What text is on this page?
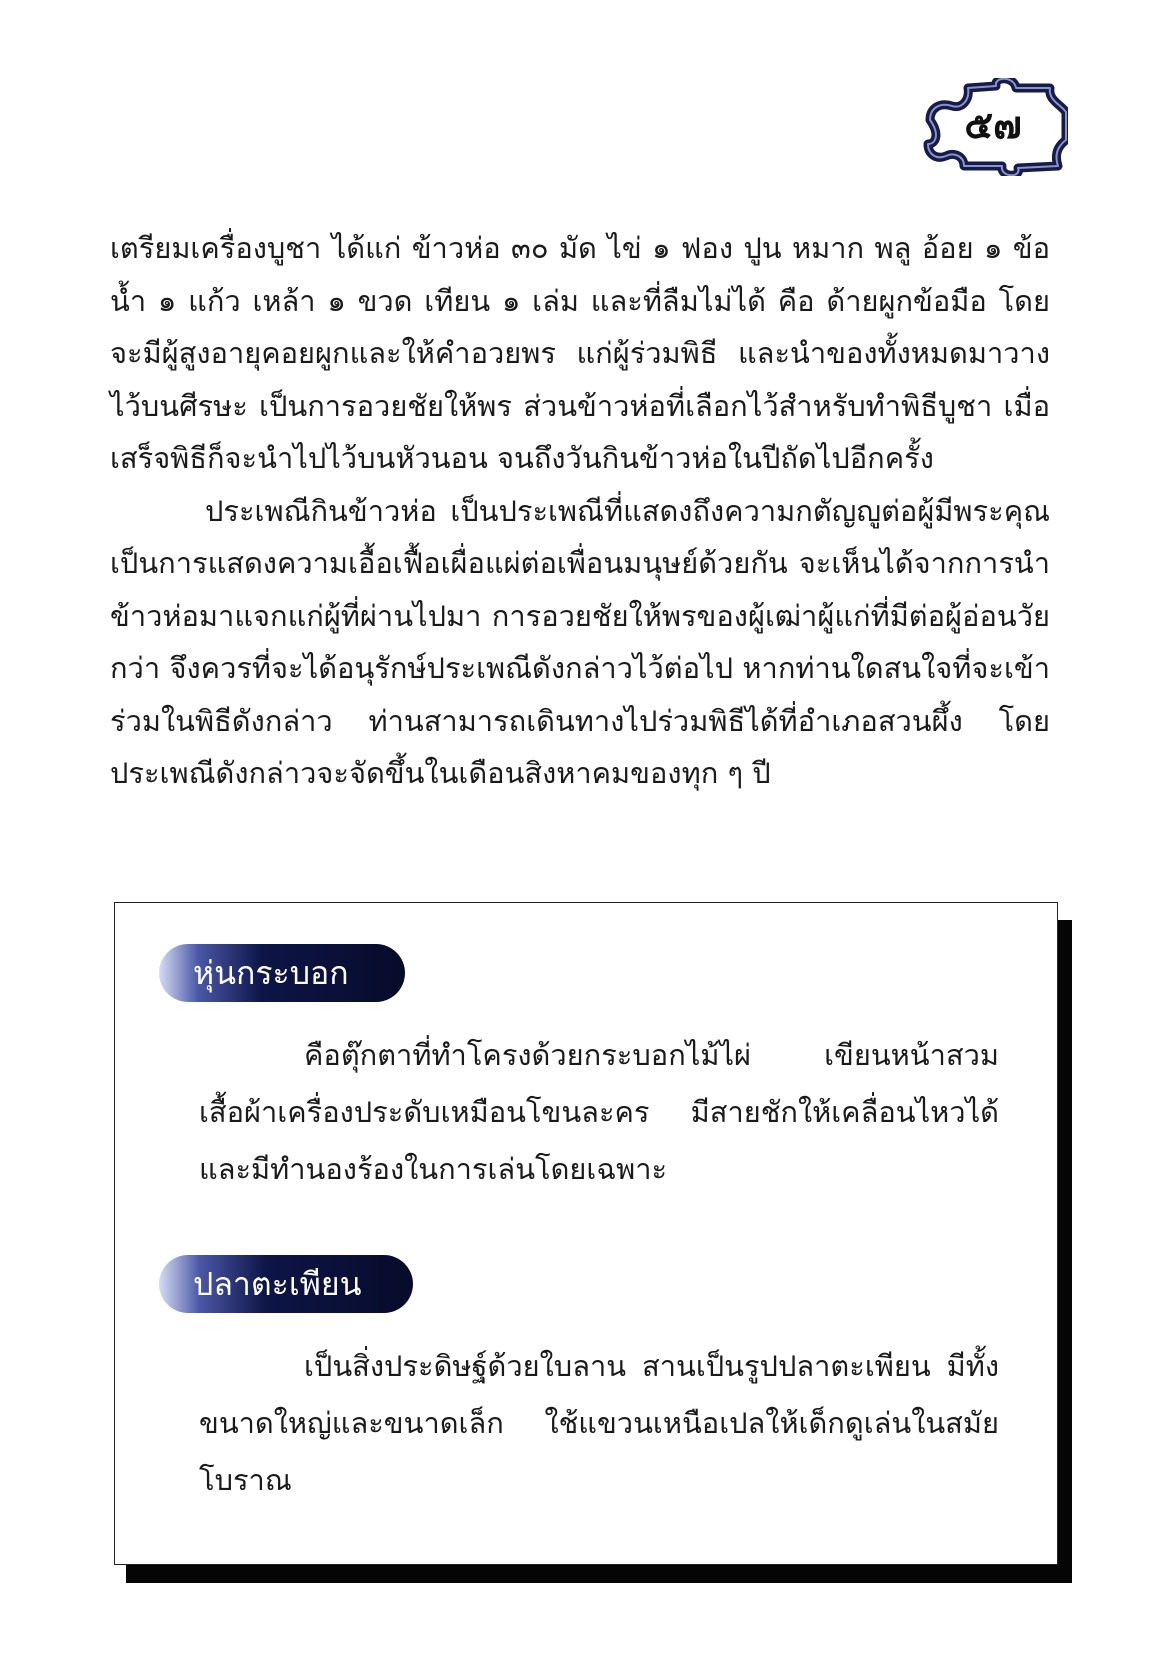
๕๗

เตรียมเครื่องบูชา ได้แก่ ข้าวห่อ ๓๐ มัด ไข่ ๑ ฟอง ปูน หมาก พลู อ้อย ๑ ข้อ น้ำ ๑ แก้ว เหล้า ๑ ขวด เทียน ๑ เล่ม และที่ลืมไม่ได้ คือ ด้ายผูกข้อมือ โดยจะมีผู้สูงอายุคอยผูกและให้คำอวยพร แก่ผู้ร่วมพิธี และนำของทั้งหมดมาวางไว้บนศีรษะ เป็นการอวยชัยให้พร ส่วนข้าวห่อที่เลือกไว้สำหรับทำพิธีบูชา เมื่อเสร็จพิธีก็จะนำไปไว้บนหัวนอน จนถึงวันกินข้าวห่อในปีถัดไปอีกครั้ง

ประเพณีกินข้าวห่อ เป็นประเพณีที่แสดงถึงความกตัญญูต่อผู้มีพระคุณ เป็นการแสดงความเอื้อเฟื้อเผื่อแผ่ต่อเพื่อนมนุษย์ด้วยกัน จะเห็นได้จากการนำข้าวห่อมาแจกแก่ผู้ที่ผ่านไปมา การอวยชัยให้พรของผู้เฒ่าผู้แก่ที่มีต่อผู้อ่อนวัยกว่า จึงควรที่จะได้อนุรักษ์ประเพณีดังกล่าวไว้ต่อไป หากท่านใดสนใจที่จะเข้าร่วมในพิธีดังกล่าว ท่านสามารถเดินทางไปร่วมพิธีได้ที่อำเภอสวนผึ้ง โดยประเพณีดังกล่าวจะจัดขึ้นในเดือนสิงหาคมของทุก ๆ ปี

หุ่นกระบอก

คือตุ๊กตาที่ทำโครงด้วยกระบอกไม้ไผ่ เขียนหน้าสวม เสื้อผ้าเครื่องประดับเหมือนโขนละคร มีสายชักให้เคลื่อนไหวได้ และมีทำนองร้องในการเล่นโดยเฉพาะ

ปลาตะเพียน

เป็นสิ่งประดิษฐ์ด้วยใบลาน สานเป็นรูปปลาตะเพียน มีทั้งขนาดใหญ่และขนาดเล็ก ใช้แขวนเหนือเปลให้เด็กดูเล่นในสมัยโบราณ
